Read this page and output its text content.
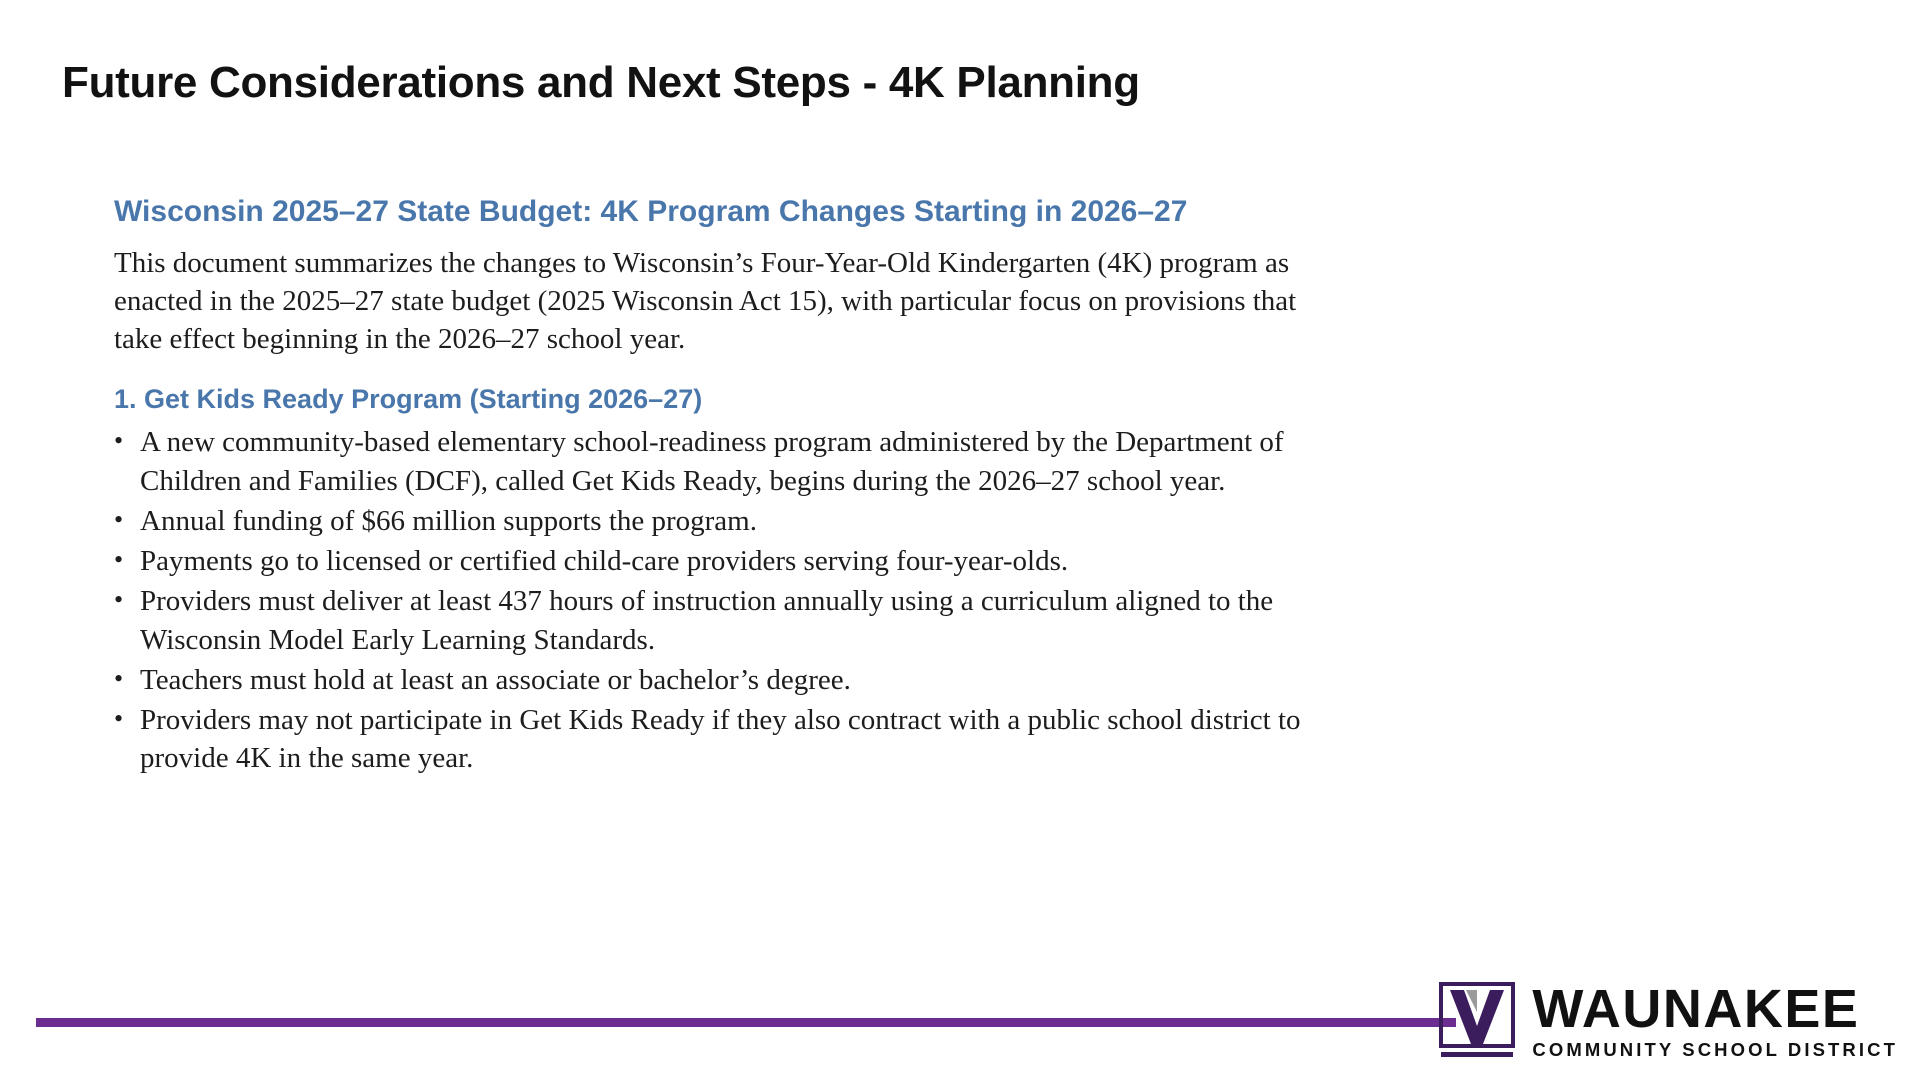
Future Considerations and Next Steps - 4K Planning
Wisconsin 2025–27 State Budget: 4K Program Changes Starting in 2026–27

This document summarizes the changes to Wisconsin’s Four-Year-Old Kindergarten (4K) program as enacted in the 2025–27 state budget (2025 Wisconsin Act 15), with particular focus on provisions that take effect beginning in the 2026–27 school year.

1. Get Kids Ready Program (Starting 2026–27)
• A new community-based elementary school-readiness program administered by the Department of Children and Families (DCF), called Get Kids Ready, begins during the 2026–27 school year.
• Annual funding of $66 million supports the program.
• Payments go to licensed or certified child-care providers serving four-year-olds.
• Providers must deliver at least 437 hours of instruction annually using a curriculum aligned to the Wisconsin Model Early Learning Standards.
• Teachers must hold at least an associate or bachelor’s degree.
• Providers may not participate in Get Kids Ready if they also contract with a public school district to provide 4K in the same year.
WAUNAKEE
COMMUNITY SCHOOL DISTRICT
